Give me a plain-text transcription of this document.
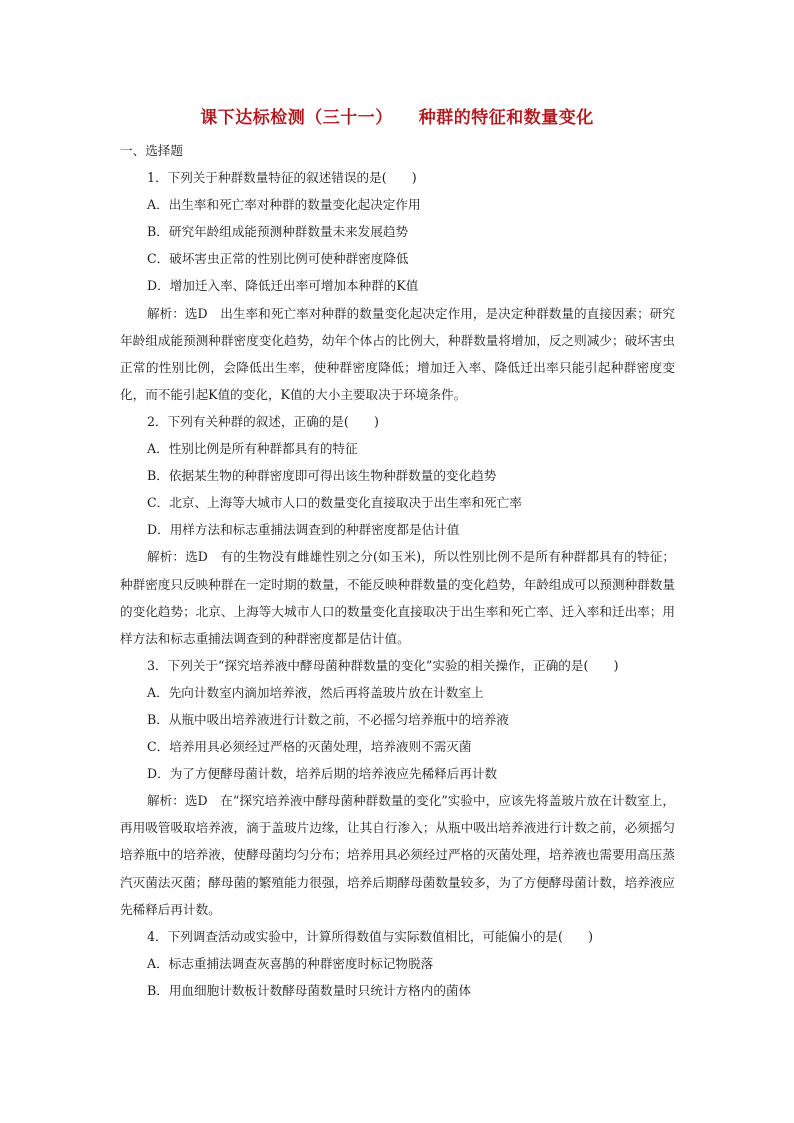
课下达标检测（三十一） 种群的特征和数量变化
一、选择题
1．下列关于种群数量特征的叙述错误的是(　　)
A．出生率和死亡率对种群的数量变化起决定作用
B．研究年龄组成能预测种群数量未来发展趋势
C．破坏害虫正常的性别比例可使种群密度降低
D．增加迁入率、降低迁出率可增加本种群的K值
解析：选D　出生率和死亡率对种群的数量变化起决定作用，是决定种群数量的直接因素；研究年龄组成能预测种群密度变化趋势，幼年个体占的比例大，种群数量将增加，反之则减少；破坏害虫正常的性别比例，会降低出生率，使种群密度降低；增加迁入率、降低迁出率只能引起种群密度变化，而不能引起K值的变化，K值的大小主要取决于环境条件。
2．下列有关种群的叙述，正确的是(　　)
A．性别比例是所有种群都具有的特征
B．依据某生物的种群密度即可得出该生物种群数量的变化趋势
C．北京、上海等大城市人口的数量变化直接取决于出生率和死亡率
D．用样方法和标志重捕法调查到的种群密度都是估计值
解析：选D　有的生物没有雌雄性别之分(如玉米)，所以性别比例不是所有种群都具有的特征；种群密度只反映种群在一定时期的数量，不能反映种群数量的变化趋势，年龄组成可以预测种群数量的变化趋势；北京、上海等大城市人口的数量变化直接取决于出生率和死亡率、迁入率和迁出率；用样方法和标志重捕法调查到的种群密度都是估计值。
3．下列关于“探究培养液中酵母菌种群数量的变化”实验的相关操作，正确的是(　　)
A．先向计数室内滴加培养液，然后再将盖玻片放在计数室上
B．从瓶中吸出培养液进行计数之前，不必摇匀培养瓶中的培养液
C．培养用具必须经过严格的灭菌处理，培养液则不需灭菌
D．为了方便酵母菌计数，培养后期的培养液应先稀释后再计数
解析：选D　在“探究培养液中酵母菌种群数量的变化”实验中，应该先将盖玻片放在计数室上，再用吸管吸取培养液，滴于盖玻片边缘，让其自行渗入；从瓶中吸出培养液进行计数之前，必须摇匀培养瓶中的培养液，使酵母菌均匀分布；培养用具必须经过严格的灭菌处理，培养液也需要用高压蒸汽灭菌法灭菌；酵母菌的繁殖能力很强，培养后期酵母菌数量较多，为了方便酵母菌计数，培养液应先稀释后再计数。
4．下列调查活动或实验中，计算所得数值与实际数值相比，可能偏小的是(　　)
A．标志重捕法调查灰喜鹊的种群密度时标记物脱落
B．用血细胞计数板计数酵母菌数量时只统计方格内的菌体
